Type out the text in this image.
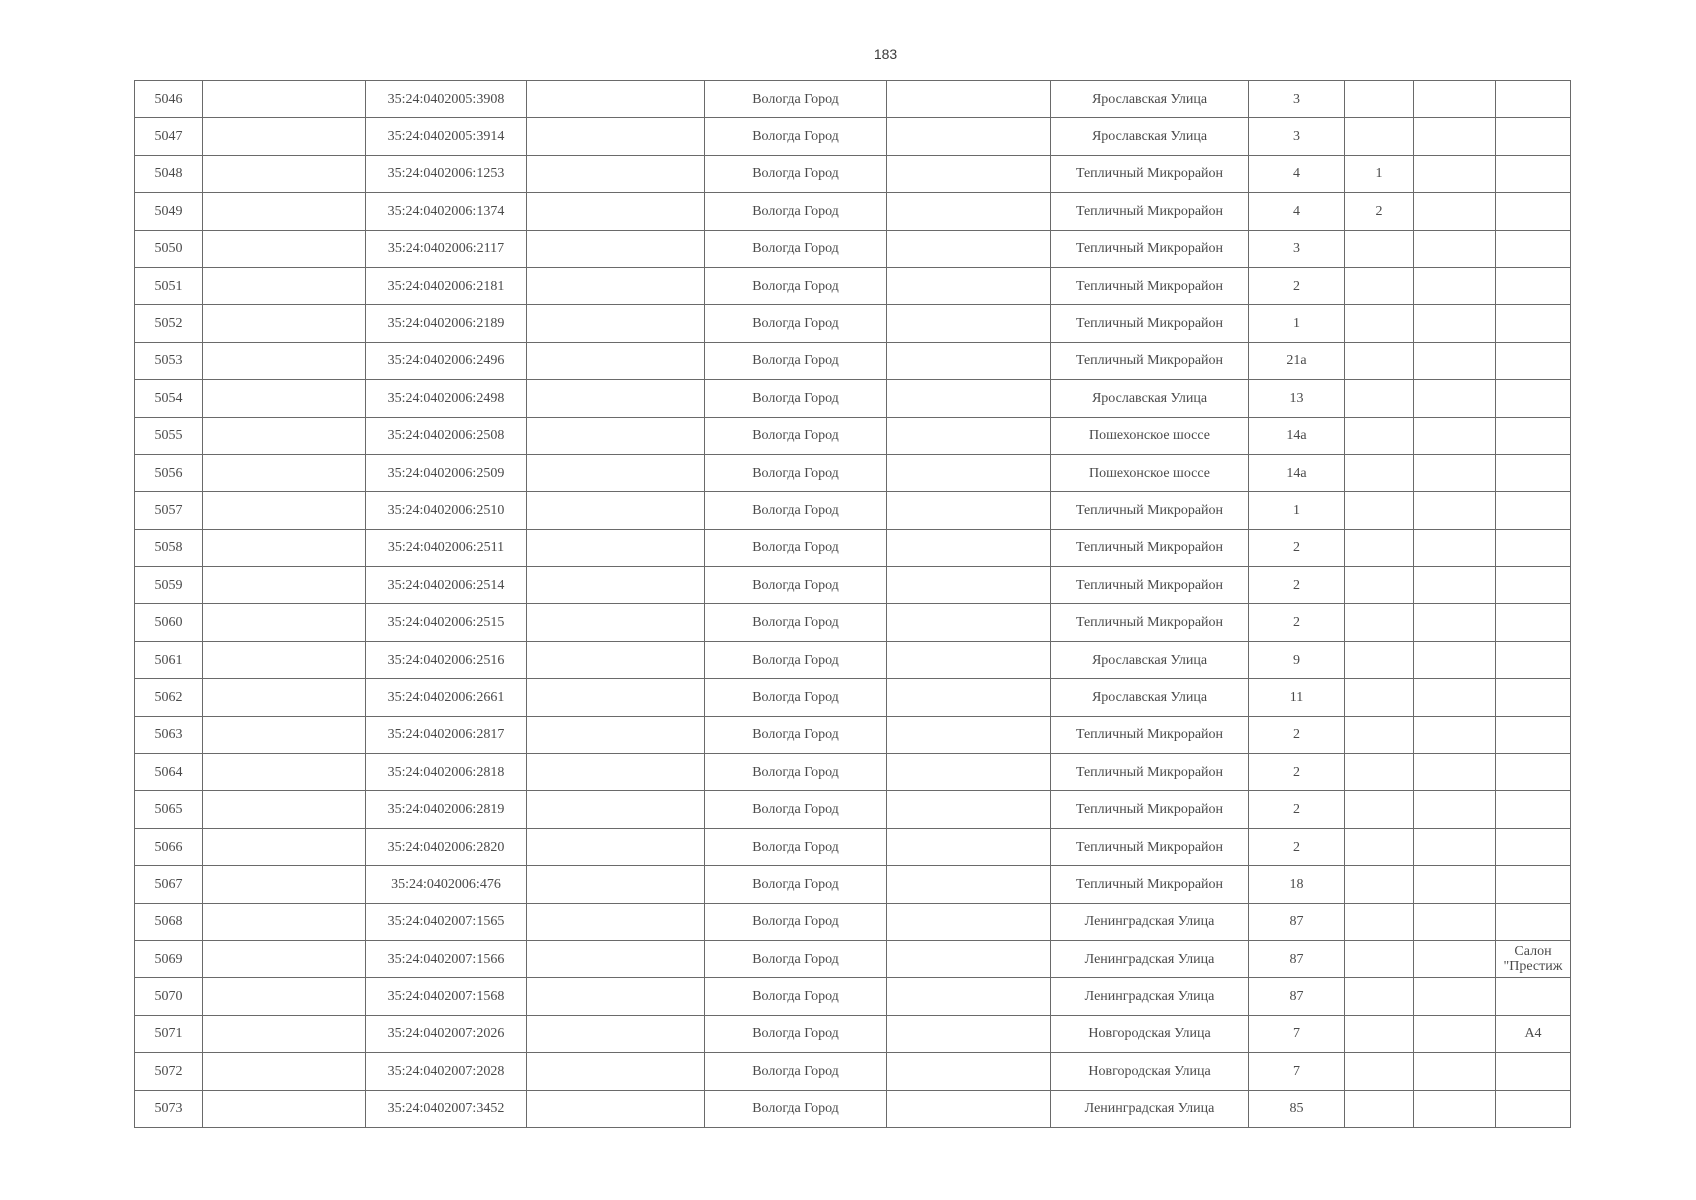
183
5046		35:24:0402005:3908		Вологда Город		Ярославская Улица	3			
5047		35:24:0402005:3914		Вологда Город		Ярославская Улица	3			
5048		35:24:0402006:1253		Вологда Город		Тепличный Микрорайон	4	1		
5049		35:24:0402006:1374		Вологда Город		Тепличный Микрорайон	4	2		
5050		35:24:0402006:2117		Вологда Город		Тепличный Микрорайон	3			
5051		35:24:0402006:2181		Вологда Город		Тепличный Микрорайон	2			
5052		35:24:0402006:2189		Вологда Город		Тепличный Микрорайон	1			
5053		35:24:0402006:2496		Вологда Город		Тепличный Микрорайон	21а			
5054		35:24:0402006:2498		Вологда Город		Ярославская Улица	13			
5055		35:24:0402006:2508		Вологда Город		Пошехонское шоссе	14а			
5056		35:24:0402006:2509		Вологда Город		Пошехонское шоссе	14а			
5057		35:24:0402006:2510		Вологда Город		Тепличный Микрорайон	1			
5058		35:24:0402006:2511		Вологда Город		Тепличный Микрорайон	2			
5059		35:24:0402006:2514		Вологда Город		Тепличный Микрорайон	2			
5060		35:24:0402006:2515		Вологда Город		Тепличный Микрорайон	2			
5061		35:24:0402006:2516		Вологда Город		Ярославская Улица	9			
5062		35:24:0402006:2661		Вологда Город		Ярославская Улица	11			
5063		35:24:0402006:2817		Вологда Город		Тепличный Микрорайон	2			
5064		35:24:0402006:2818		Вологда Город		Тепличный Микрорайон	2			
5065		35:24:0402006:2819		Вологда Город		Тепличный Микрорайон	2			
5066		35:24:0402006:2820		Вологда Город		Тепличный Микрорайон	2			
5067		35:24:0402006:476		Вологда Город		Тепличный Микрорайон	18			
5068		35:24:0402007:1565		Вологда Город		Ленинградская Улица	87			
5069		35:24:0402007:1566		Вологда Город		Ленинградская Улица	87			Салон "Престиж
5070		35:24:0402007:1568		Вологда Город		Ленинградская Улица	87			
5071		35:24:0402007:2026		Вологда Город		Новгородская Улица	7			А4
5072		35:24:0402007:2028		Вологда Город		Новгородская Улица	7			
5073		35:24:0402007:3452		Вологда Город		Ленинградская Улица	85			
